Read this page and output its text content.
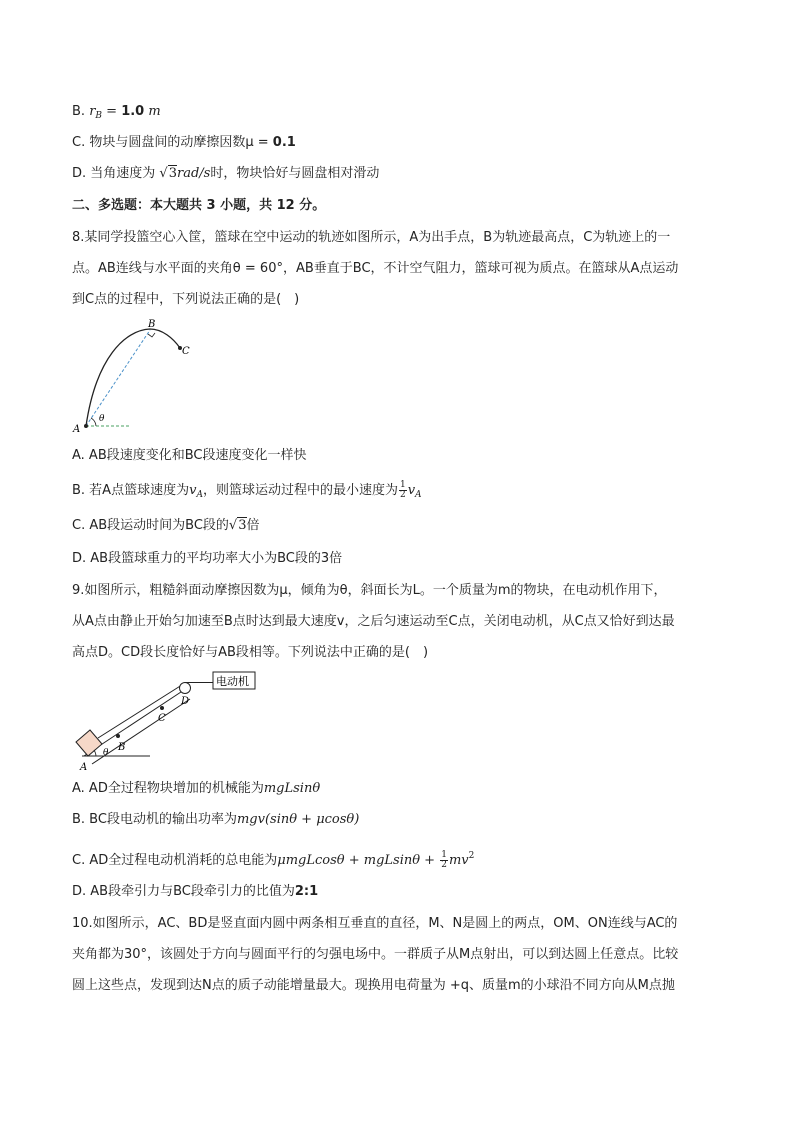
B. $r_B = 1.0$ m
C. 物块与圆盘间的动摩擦因数μ = 0.1
D. 当角速度为 √3rad/s时，物块恰好与圆盘相对滑动
二、多选题：本大题共 3 小题，共 12 分。
8.某同学投篮空心入筐，篮球在空中运动的轨迹如图所示，A为出手点，B为轨迹最高点，C为轨迹上的一
点。AB连线与水平面的夹角θ = 60°，AB垂直于BC，不计空气阻力，篮球可视为质点。在篮球从A点运动
到C点的过程中，下列说法正确的是(　)
A
B
C
θ
A. AB段速度变化和BC段速度变化一样快
B. 若A点篮球速度为$v_A$，则篮球运动过程中的最小速度为 $\frac{1}{2} v_A$
C. AB段运动时间为BC段的√3倍
D. AB段篮球重力的平均功率大小为BC段的3倍
9.如图所示，粗糙斜面动摩擦因数为μ，倾角为θ，斜面长为L。一个质量为m的物块，在电动机作用下，
从A点由静止开始匀加速至B点时达到最大速度v，之后匀速运动至C点，关闭电动机，从C点又恰好到达最
高点D。CD段长度恰好与AB段相等。下列说法中正确的是(　)
电动机
A
B
C
D
θ
A. AD全过程物块增加的机械能为mgLsinθ
B. BC段电动机的输出功率为mgv(sinθ + μcosθ)
C. AD全过程电动机消耗的总电能为$\mu mgLcos\theta + mgLsin\theta + \frac{1}{2} mv^2$
D. AB段牵引力与BC段牵引力的比值为2:1
10.如图所示，AC、BD是竖直面内圆中两条相互垂直的直径，M、N是圆上的两点，OM、ON连线与AC的
夹角都为30°，该圆处于方向与圆面平行的匀强电场中。一群质子从M点射出，可以到达圆上任意点。比较
圆上这些点，发现到达N点的质子动能增量最大。现换用电荷量为 +q、质量m的小球沿不同方向从M点抛
